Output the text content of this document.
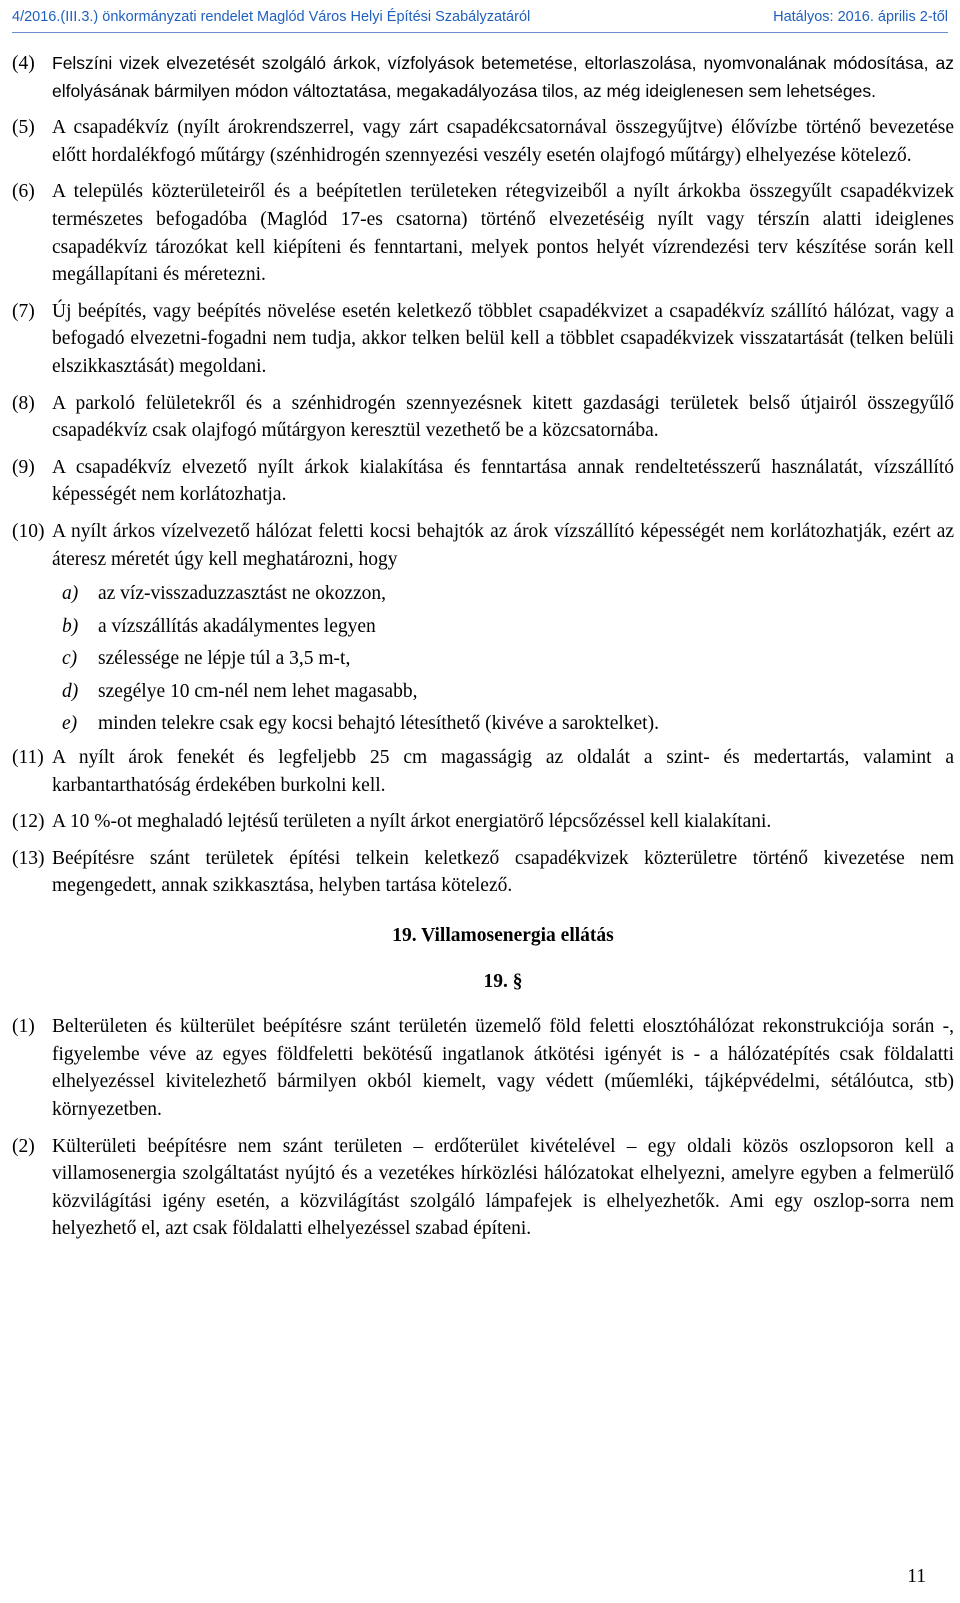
4/2016.(III.3.) önkormányzati rendelet Maglód Város Helyi Építési Szabályzatáról	Hatályos: 2016. április 2-től
(4) Felszíni vizek elvezetését szolgáló árkok, vízfolyások betemetése, eltorlaszolása, nyomvonalának módosítása, az elfolyásának bármilyen módon változtatása, megakadályozása tilos, az még ideiglenesen sem lehetséges.
(5) A csapadékvíz (nyílt árokrendszerrel, vagy zárt csapadékcsatornával összegyűjtve) élővízbe történő bevezetése előtt hordalékfogó műtárgy (szénhidrogén szennyezési veszély esetén olajfogó műtárgy) elhelyezése kötelező.
(6) A település közterületeiről és a beépítetlen területeken rétegvizeiből a nyílt árkokba összegyűlt csapadékvizek természetes befogadóba (Maglód 17-es csatorna) történő elvezetéséig nyílt vagy térszín alatti ideiglenes csapadékvíz tározókat kell kiépíteni és fenntartani, melyek pontos helyét vízrendezési terv készítése során kell megállapítani és méretezni.
(7) Új beépítés, vagy beépítés növelése esetén keletkező többlet csapadékvizet a csapadékvíz szállító hálózat, vagy a befogadó elvezetni-fogadni nem tudja, akkor telken belül kell a többlet csapadékvizek visszatartását (telken belüli elszikkasztását) megoldani.
(8) A parkoló felületekről és a szénhidrogén szennyezésnek kitett gazdasági területek belső útjairól összegyűlő csapadékvíz csak olajfogó műtárgyon keresztül vezethető be a közcsatornába.
(9) A csapadékvíz elvezető nyílt árkok kialakítása és fenntartása annak rendeltetésszerű használatát, vízszállító képességét nem korlátozhatja.
(10) A nyílt árkos vízelvezető hálózat feletti kocsi behajtók az árok vízszállító képességét nem korlátozhatják, ezért az áteresz méretét úgy kell meghatározni, hogy
a)	az víz-visszaduzzasztást ne okozzon,
b)	a vízszállítás akadálymentes legyen
c)	szélessége ne lépje túl a 3,5 m-t,
d)	szegélye 10 cm-nél nem lehet magasabb,
e)	minden telekre csak egy kocsi behajtó létesíthető (kivéve a saroktelket).
(11) A nyílt árok fenekét és legfeljebb 25 cm magasságig az oldalát a szint- és medertartás, valamint a karbantarthatóság érdekében burkolni kell.
(12) A 10 %-ot meghaladó lejtésű területen a nyílt árkot energiatörő lépcsőzéssel kell kialakítani.
(13) Beépítésre szánt területek építési telkein keletkező csapadékvizek közterületre történő kivezetése nem megengedett, annak szikkasztása, helyben tartása kötelező.
19. Villamosenergia ellátás
19. §
(1) Belterületen és külterület beépítésre szánt területén üzemelő föld feletti elosztóhálózat rekonstrukciója során -, figyelembe véve az egyes földfeletti bekötésű ingatlanok átkötési igényét is - a hálózatépítés csak földalatti elhelyezéssel kivitelezhető bármilyen okból kiemelt, vagy védett (műemléki, tájképvédelmi, sétálóutca, stb) környezetben.
(2) Külterületi beépítésre nem szánt területen – erdőterület kivételével – egy oldali közös oszlopsoron kell a villamosenergia szolgáltatást nyújtó és a vezetékes hírközlési hálózatokat elhelyezni, amelyre egyben a felmerülő közvilágítási igény esetén, a közvilágítást szolgáló lámpafejek is elhelyezhetők. Ami egy oszlop-sorra nem helyezhető el, azt csak földalatti elhelyezéssel szabad építeni.
11
